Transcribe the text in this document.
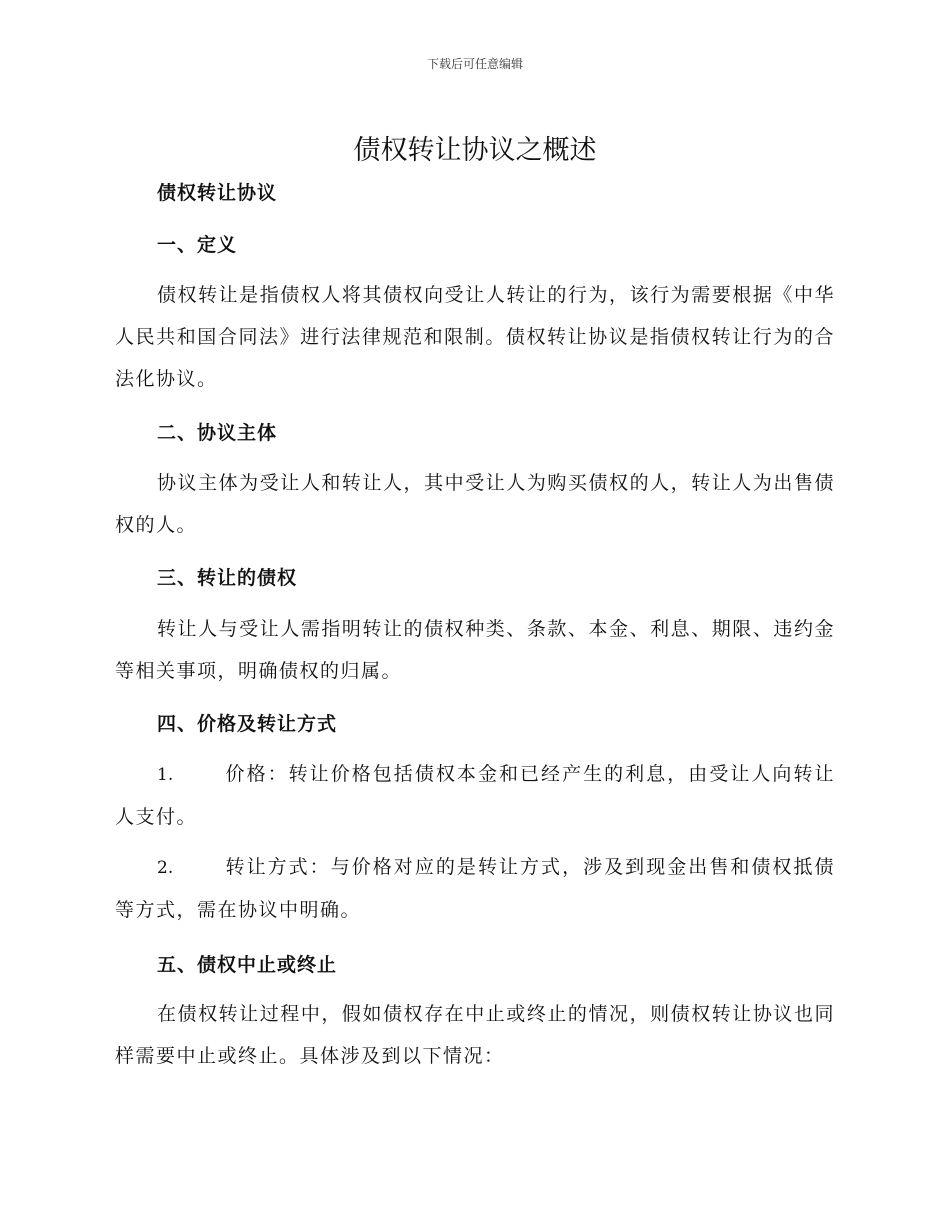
下载后可任意编辑
债权转让协议之概述

债权转让协议

一、定义

债权转让是指债权人将其债权向受让人转让的行为，该行为需要根据《中华人民共和国合同法》进行法律规范和限制。债权转让协议是指债权转让行为的合法化协议。

二、协议主体

协议主体为受让人和转让人，其中受让人为购买债权的人，转让人为出售债权的人。

三、转让的债权

转让人与受让人需指明转让的债权种类、条款、本金、利息、期限、违约金等相关事项，明确债权的归属。

四、价格及转让方式

1.	价格：转让价格包括债权本金和已经产生的利息，由受让人向转让人支付。

2.	转让方式：与价格对应的是转让方式，涉及到现金出售和债权抵债等方式，需在协议中明确。

五、债权中止或终止

在债权转让过程中，假如债权存在中止或终止的情况，则债权转让协议也同样需要中止或终止。具体涉及到以下情况：
